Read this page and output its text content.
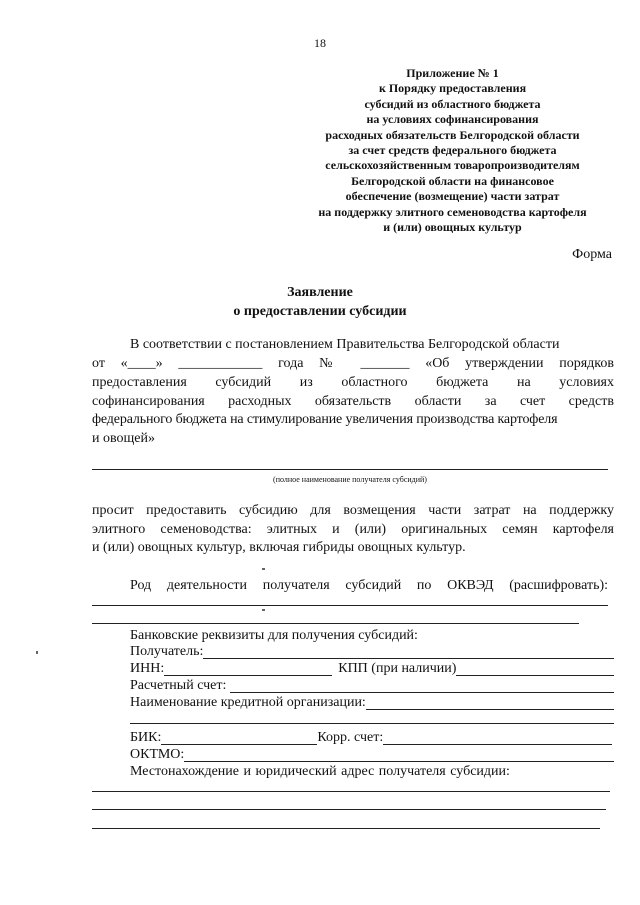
18
Приложение № 1
к Порядку предоставления
субсидий из областного бюджета
на условиях софинансирования
расходных обязательств Белгородской области
за счет средств федерального бюджета
сельскохозяйственным товаропроизводителям
Белгородской области на финансовое
обеспечение (возмещение) части затрат
на поддержку элитного семеноводства картофеля
и (или) овощных культур
Форма
Заявление
о предоставлении субсидии
В соответствии с постановлением Правительства Белгородской области
от «____» ____________ года № _______ «Об утверждении порядков
предоставления субсидий из областного бюджета на условиях
софинансирования расходных обязательств области за счет средств
федерального бюджета на стимулирование увеличения производства картофеля
и овощей»
(полное наименование получателя субсидий)
просит предоставить субсидию для возмещения части затрат на поддержку
элитного семеноводства: элитных и (или) оригинальных семян картофеля
и (или) овощных культур, включая гибриды овощных культур.
Род деятельности получателя субсидий по ОКВЭД (расшифровать):
Банковские реквизиты для получения субсидий:
Получатель:
ИНН:	КПП (при наличии)
Расчетный счет:
Наименование кредитной организации:
БИК:	Корр. счет:
ОКТМО:
Местонахождение и юридический адрес получателя субсидии:
